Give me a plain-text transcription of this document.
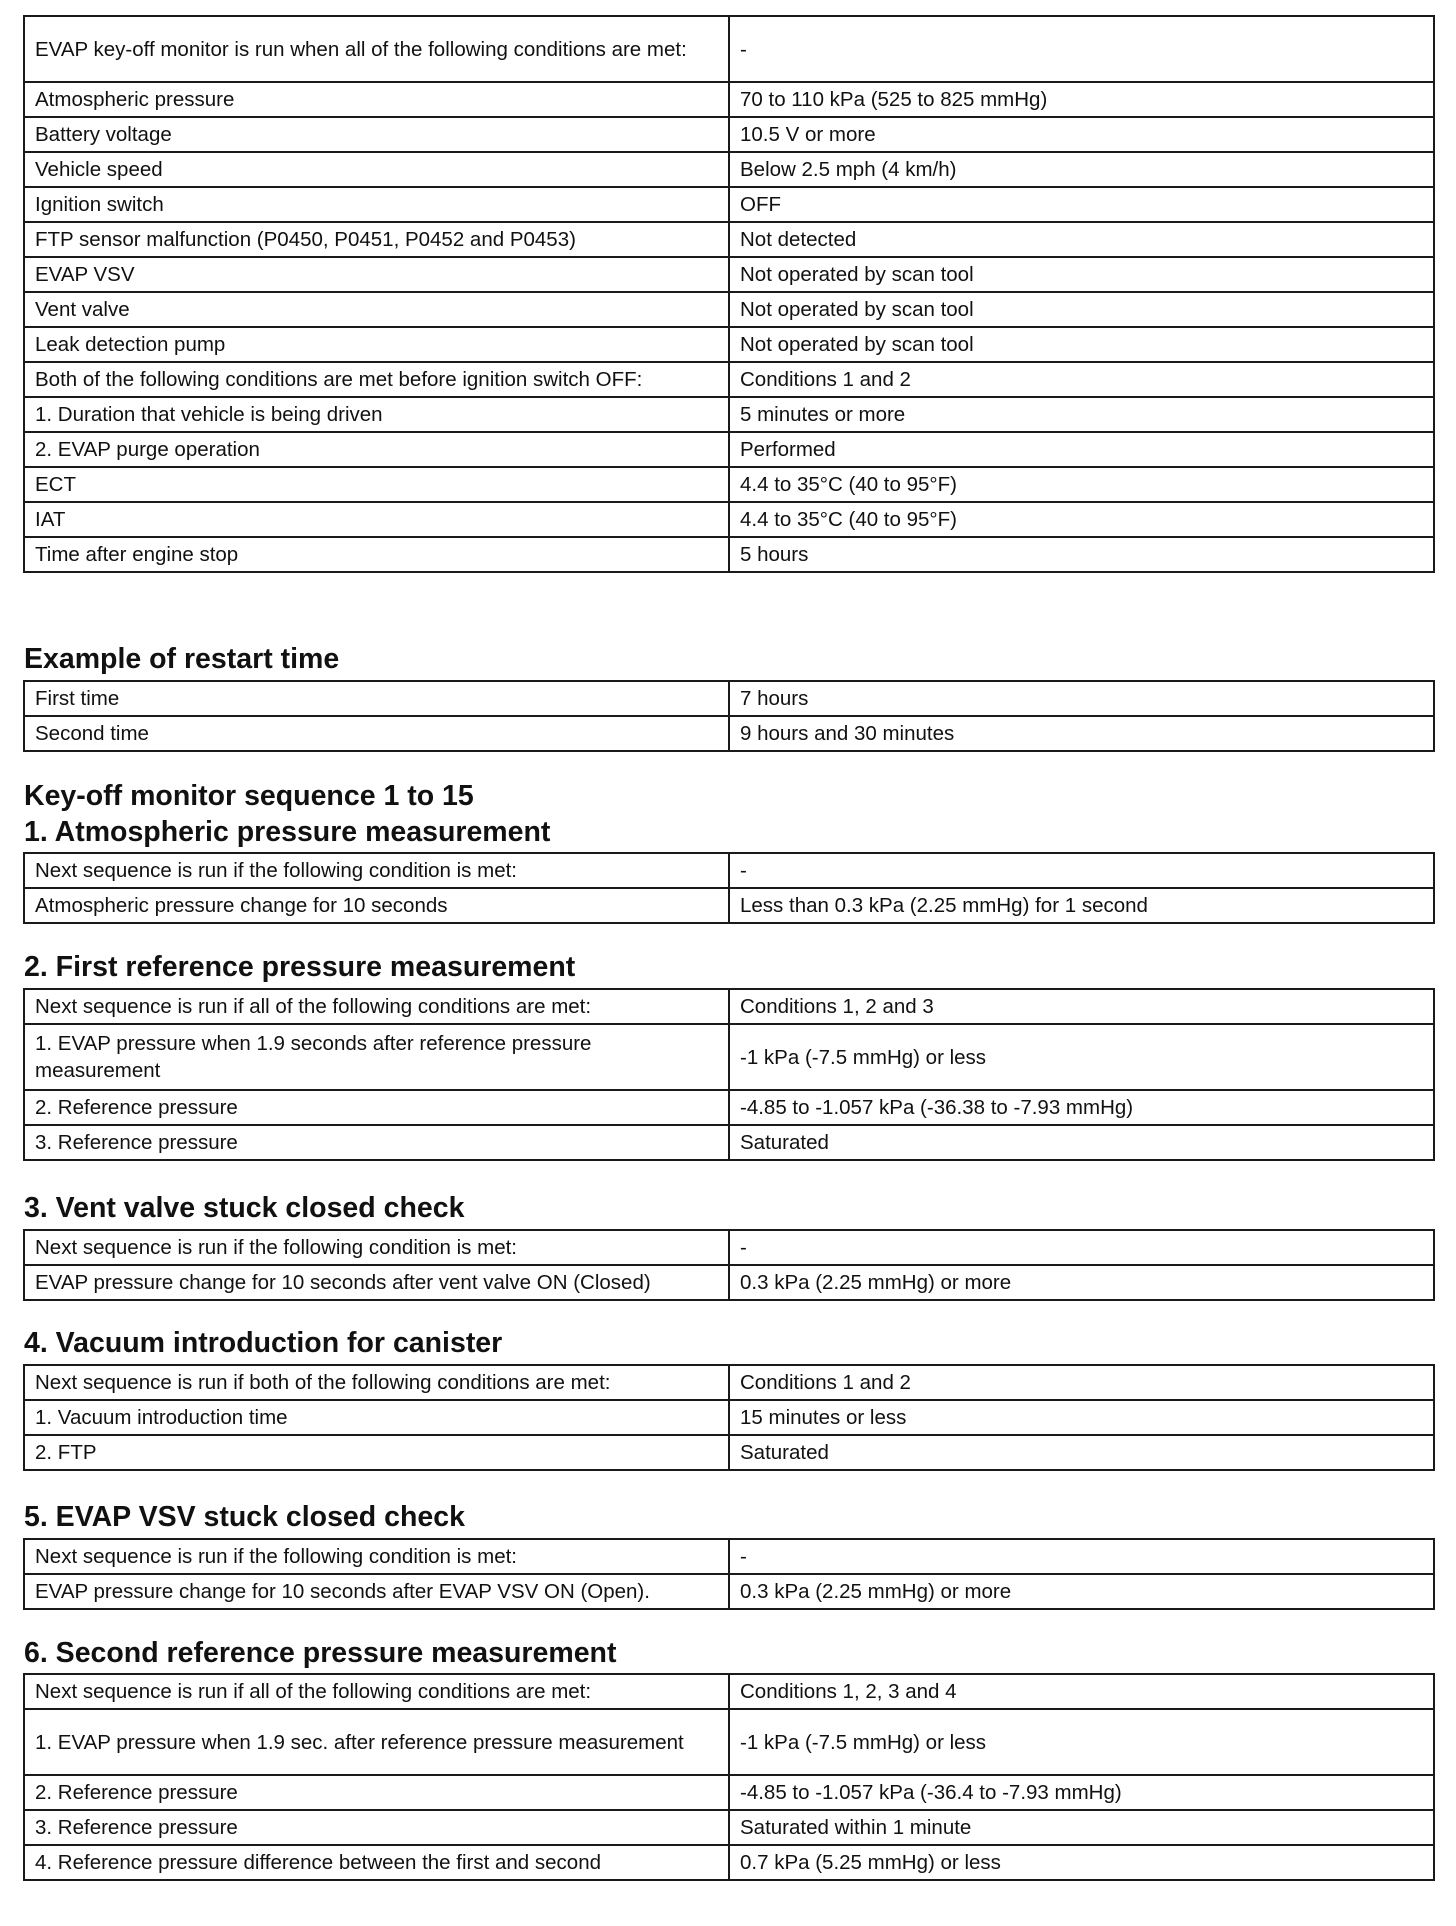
EVAP key-off monitor is run when all of the following conditions are met:	-
Atmospheric pressure	70 to 110 kPa (525 to 825 mmHg)
Battery voltage	10.5 V or more
Vehicle speed	Below 2.5 mph (4 km/h)
Ignition switch	OFF
FTP sensor malfunction (P0450, P0451, P0452 and P0453)	Not detected
EVAP VSV	Not operated by scan tool
Vent valve	Not operated by scan tool
Leak detection pump	Not operated by scan tool
Both of the following conditions are met before ignition switch OFF:	Conditions 1 and 2
1. Duration that vehicle is being driven	5 minutes or more
2. EVAP purge operation	Performed
ECT	4.4 to 35°C (40 to 95°F)
IAT	4.4 to 35°C (40 to 95°F)
Time after engine stop	5 hours
Example of restart time
First time	7 hours
Second time	9 hours and 30 minutes
Key-off monitor sequence 1 to 15
1. Atmospheric pressure measurement
Next sequence is run if the following condition is met:	-
Atmospheric pressure change for 10 seconds	Less than 0.3 kPa (2.25 mmHg) for 1 second
2. First reference pressure measurement
Next sequence is run if all of the following conditions are met:	Conditions 1, 2 and 3
1. EVAP pressure when 1.9 seconds after reference pressure measurement	-1 kPa (-7.5 mmHg) or less
2. Reference pressure	-4.85 to -1.057 kPa (-36.38 to -7.93 mmHg)
3. Reference pressure	Saturated
3. Vent valve stuck closed check
Next sequence is run if the following condition is met:	-
EVAP pressure change for 10 seconds after vent valve ON (Closed)	0.3 kPa (2.25 mmHg) or more
4. Vacuum introduction for canister
Next sequence is run if both of the following conditions are met:	Conditions 1 and 2
1. Vacuum introduction time	15 minutes or less
2. FTP	Saturated
5. EVAP VSV stuck closed check
Next sequence is run if the following condition is met:	-
EVAP pressure change for 10 seconds after EVAP VSV ON (Open).	0.3 kPa (2.25 mmHg) or more
6. Second reference pressure measurement
Next sequence is run if all of the following conditions are met:	Conditions 1, 2, 3 and 4
1. EVAP pressure when 1.9 sec. after reference pressure measurement	-1 kPa (-7.5 mmHg) or less
2. Reference pressure	-4.85 to -1.057 kPa (-36.4 to -7.93 mmHg)
3. Reference pressure	Saturated within 1 minute
4. Reference pressure difference between the first and second	0.7 kPa (5.25 mmHg) or less
